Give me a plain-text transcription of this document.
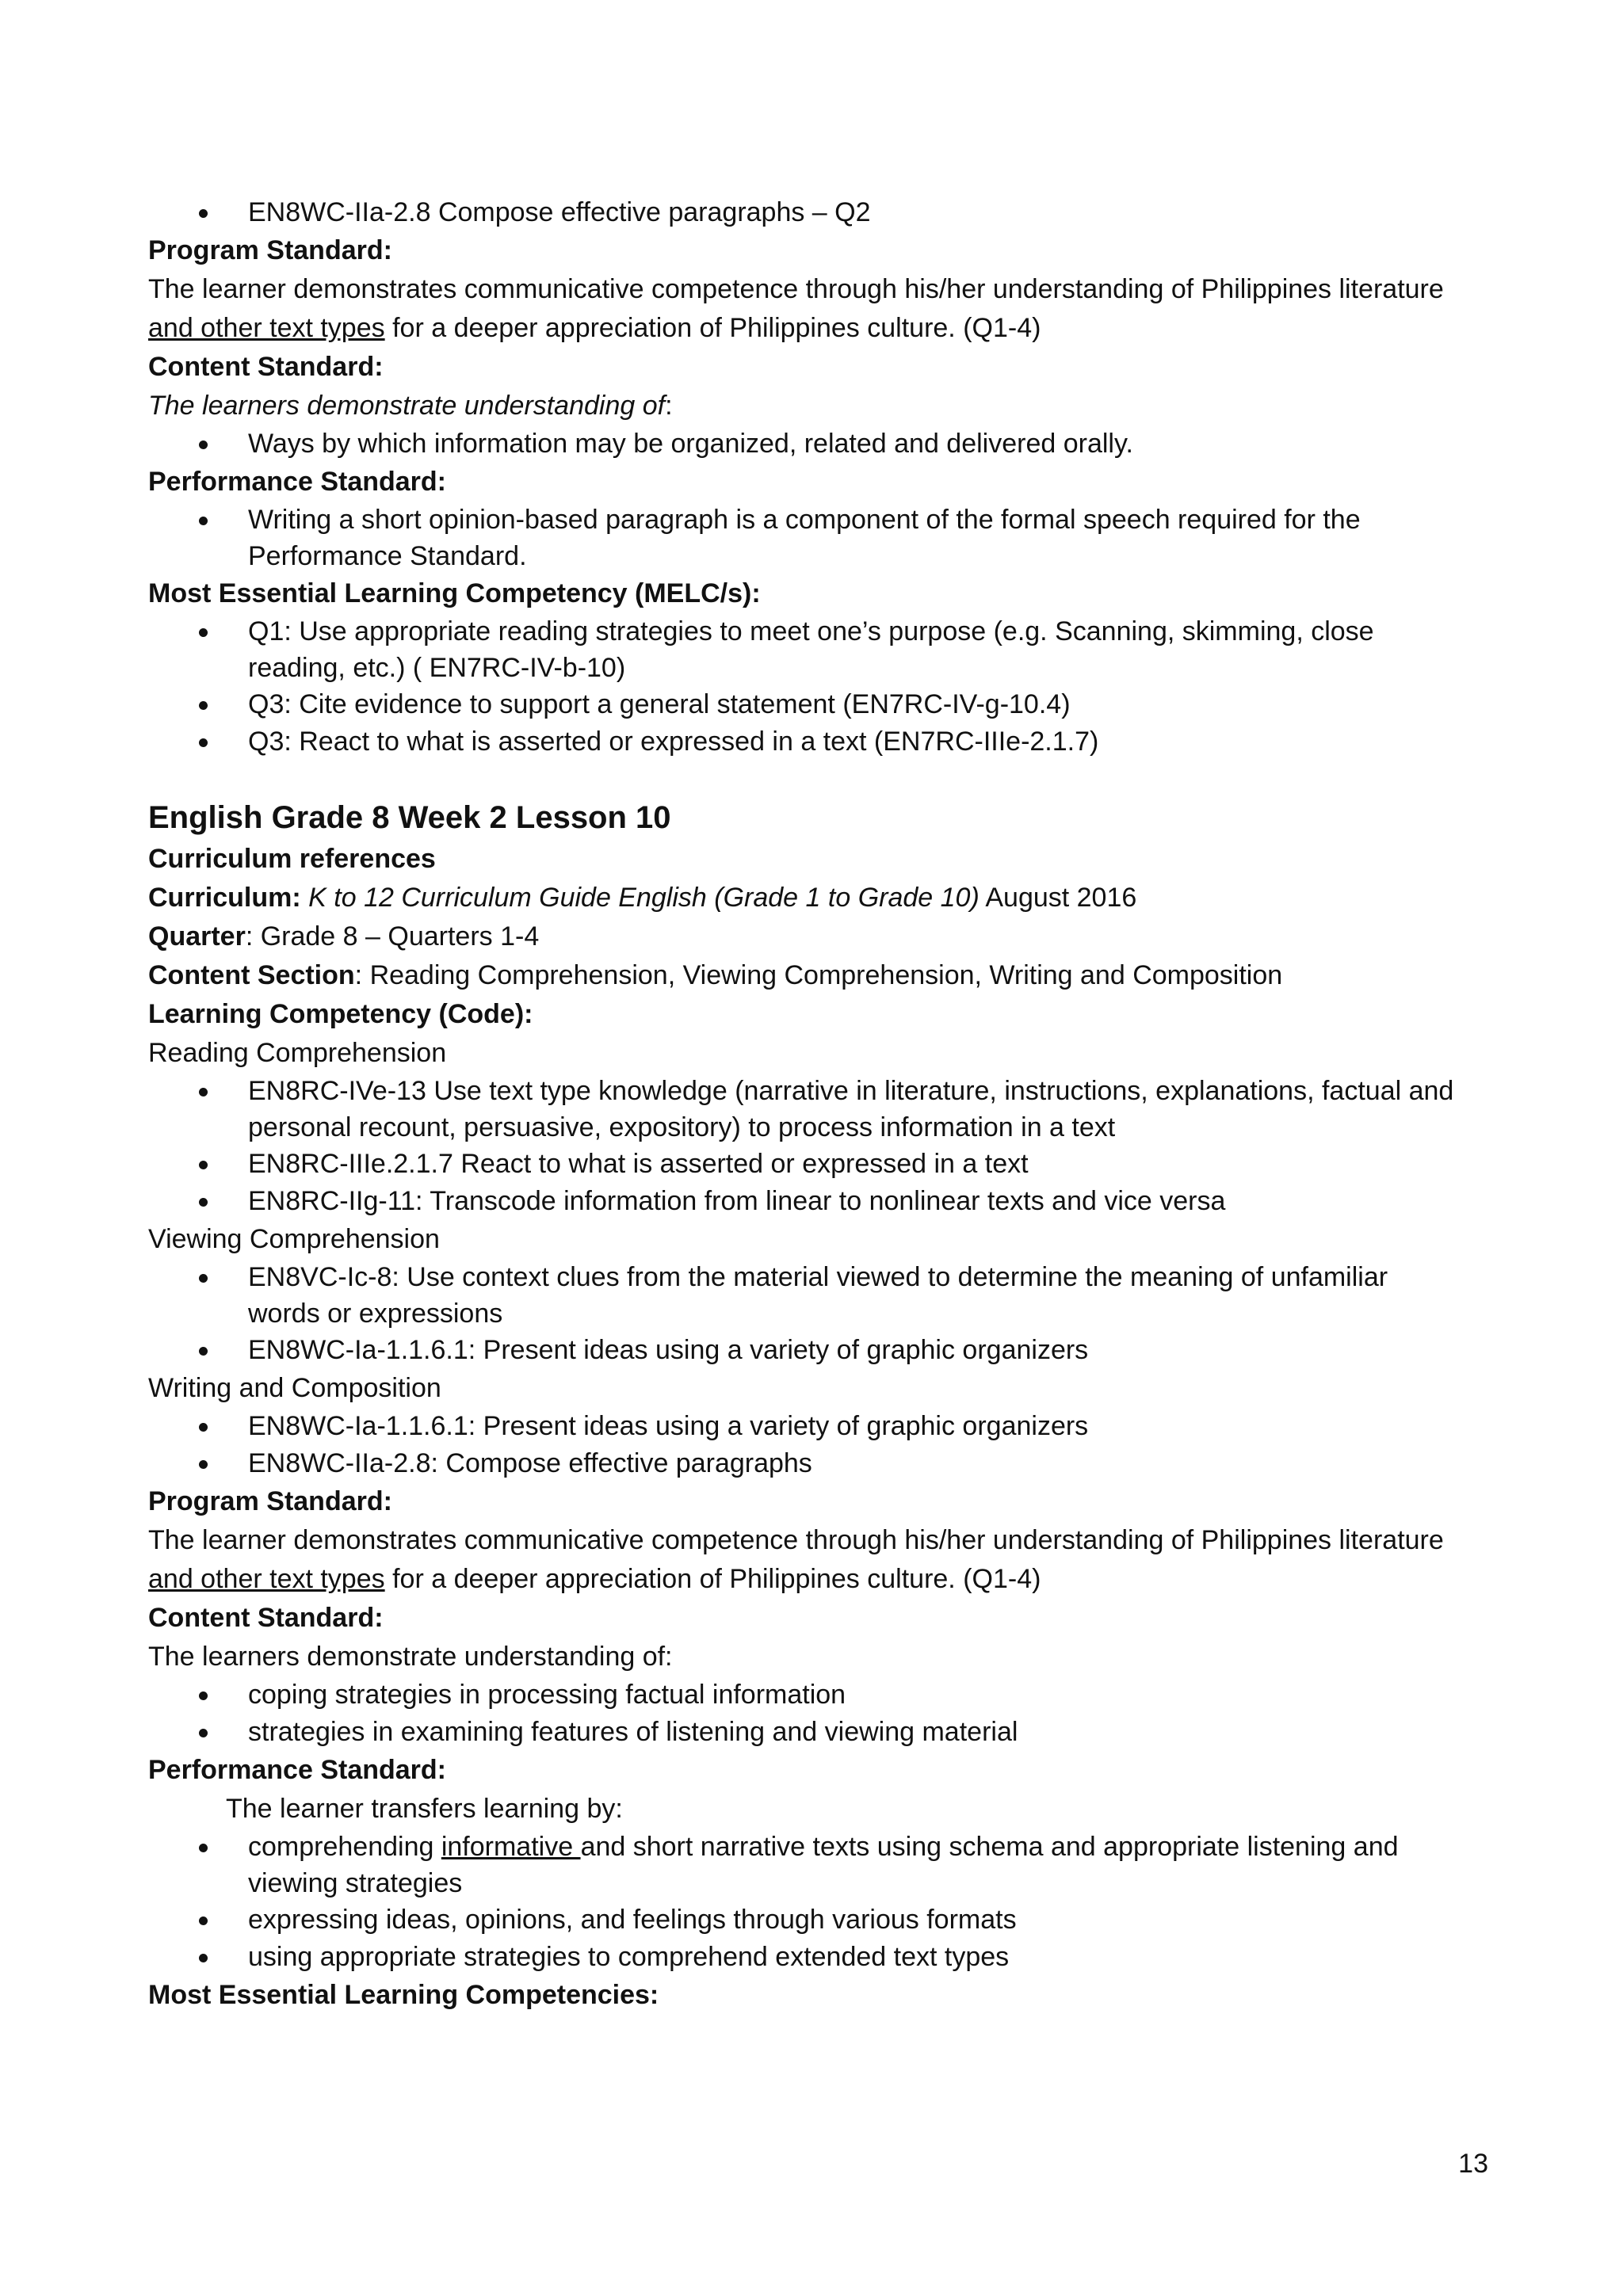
EN8WC-IIa-2.8 Compose effective paragraphs – Q2

Program Standard:

The learner demonstrates communicative competence through his/her understanding of Philippines literature and other text types for a deeper appreciation of Philippines culture. (Q1-4)

Content Standard:

The learners demonstrate understanding of:

Ways by which information may be organized, related and delivered orally.

Performance Standard:

Writing a short opinion-based paragraph is a component of the formal speech required for the Performance Standard.

Most Essential Learning Competency (MELC/s):

Q1: Use appropriate reading strategies to meet one’s purpose (e.g. Scanning, skimming, close reading, etc.) ( EN7RC-IV-b-10)
Q3: Cite evidence to support a general statement (EN7RC-IV-g-10.4)
Q3: React to what is asserted or expressed in a text (EN7RC-IIIe-2.1.7)

English Grade 8 Week 2 Lesson 10

Curriculum references

Curriculum: K to 12 Curriculum Guide English (Grade 1 to Grade 10) August 2016

Quarter: Grade 8 – Quarters 1-4

Content Section: Reading Comprehension, Viewing Comprehension, Writing and Composition

Learning Competency (Code):

Reading Comprehension

EN8RC-IVe-13 Use text type knowledge (narrative in literature, instructions, explanations, factual and personal recount, persuasive, expository) to process information in a text
EN8RC-IIIe.2.1.7 React to what is asserted or expressed in a text
EN8RC-IIg-11: Transcode information from linear to nonlinear texts and vice versa

Viewing Comprehension

EN8VC-Ic-8: Use context clues from the material viewed to determine the meaning of unfamiliar words or expressions
EN8WC-Ia-1.1.6.1: Present ideas using a variety of graphic organizers

Writing and Composition

EN8WC-Ia-1.1.6.1: Present ideas using a variety of graphic organizers
EN8WC-IIa-2.8: Compose effective paragraphs

Program Standard:

The learner demonstrates communicative competence through his/her understanding of Philippines literature and other text types for a deeper appreciation of Philippines culture. (Q1-4)

Content Standard:

The learners demonstrate understanding of:

coping strategies in processing factual information
strategies in examining features of listening and viewing material

Performance Standard:

The learner transfers learning by:

comprehending informative and short narrative texts using schema and appropriate listening and viewing strategies
expressing ideas, opinions, and feelings through various formats
using appropriate strategies to comprehend extended text types

Most Essential Learning Competencies:

13
